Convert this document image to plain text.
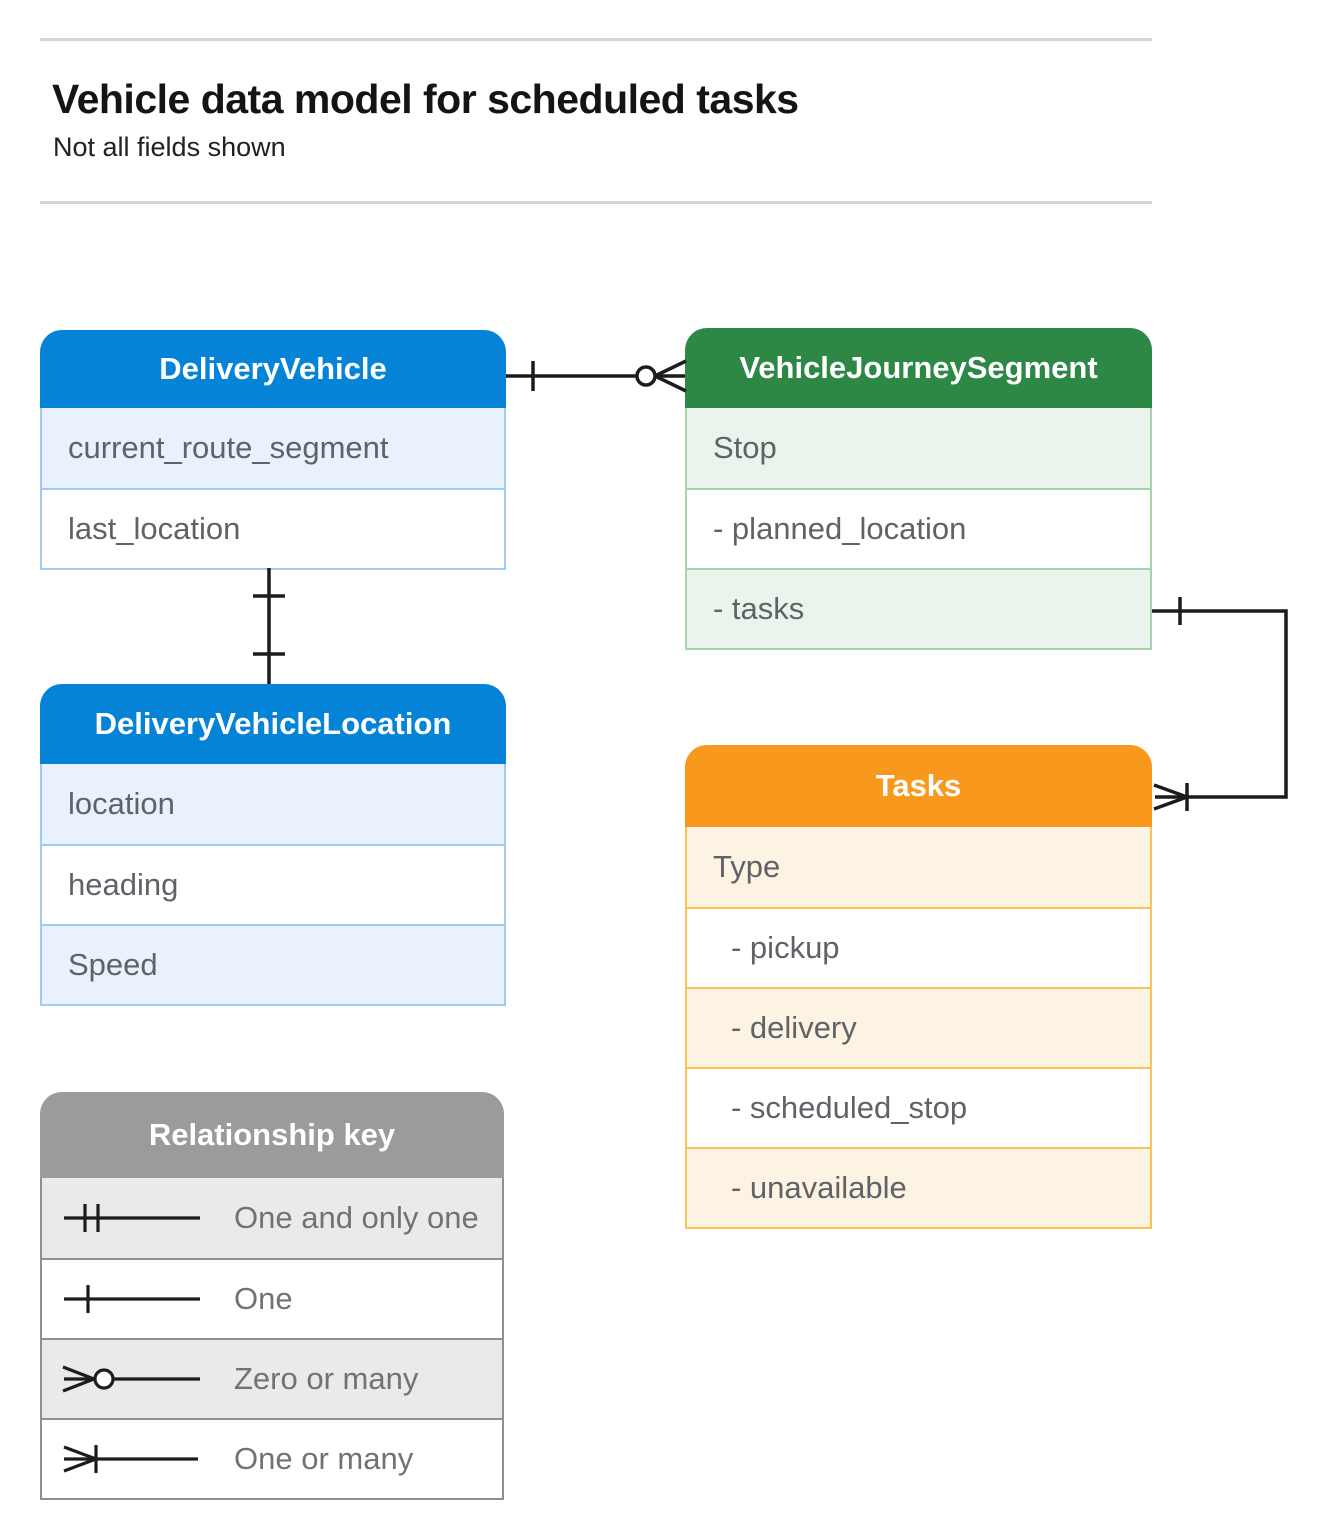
Vehicle data model for scheduled tasks

Not all fields shown

DeliveryVehicle
current_route_segment
last_location
VehicleJourneySegment
Stop
- planned_location
- tasks
DeliveryVehicleLocation
location
heading
Speed
Tasks
Type
- pickup
- delivery
- scheduled_stop
- unavailable
Relationship key
One and only one
One
Zero or many
One or many
